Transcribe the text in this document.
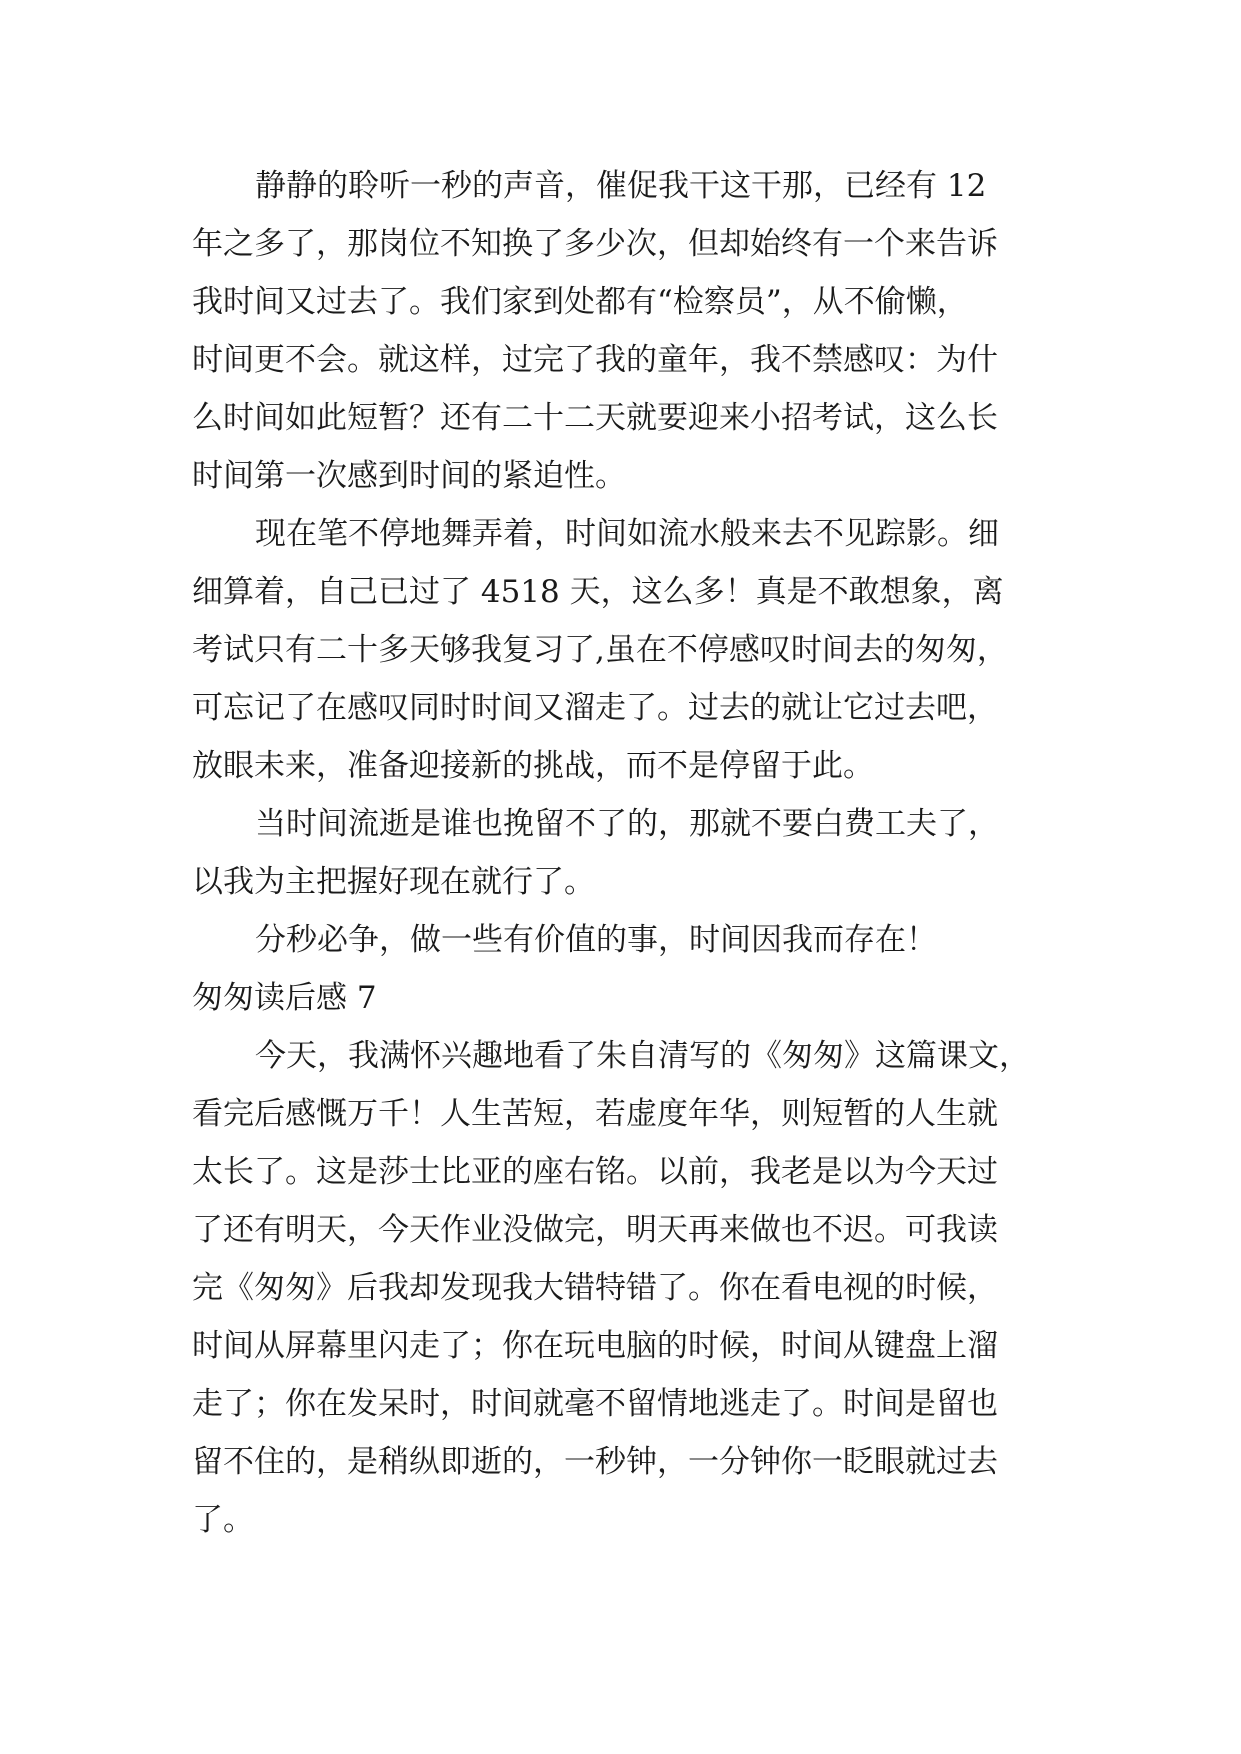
静静的聆听一秒的声音，催促我干这干那，已经有 12
年之多了，那岗位不知换了多少次，但却始终有一个来告诉
我时间又过去了。我们家到处都有“检察员”，从不偷懒，
时间更不会。就这样，过完了我的童年，我不禁感叹：为什
么时间如此短暂？还有二十二天就要迎来小招考试，这么长
时间第一次感到时间的紧迫性。
现在笔不停地舞弄着，时间如流水般来去不见踪影。细
细算着，自己已过了 4518 天，这么多！真是不敢想象，离
考试只有二十多天够我复习了,虽在不停感叹时间去的匆匆，
可忘记了在感叹同时时间又溜走了。过去的就让它过去吧，
放眼未来，准备迎接新的挑战，而不是停留于此。
当时间流逝是谁也挽留不了的，那就不要白费工夫了，
以我为主把握好现在就行了。
分秒必争，做一些有价值的事，时间因我而存在！
匆匆读后感 7
今天，我满怀兴趣地看了朱自清写的《匆匆》这篇课文，
看完后感慨万千！人生苦短，若虚度年华，则短暂的人生就
太长了。这是莎士比亚的座右铭。以前，我老是以为今天过
了还有明天，今天作业没做完，明天再来做也不迟。可我读
完《匆匆》后我却发现我大错特错了。你在看电视的时候，
时间从屏幕里闪走了；你在玩电脑的时候，时间从键盘上溜
走了；你在发呆时，时间就毫不留情地逃走了。时间是留也
留不住的，是稍纵即逝的，一秒钟，一分钟你一眨眼就过去
了。
